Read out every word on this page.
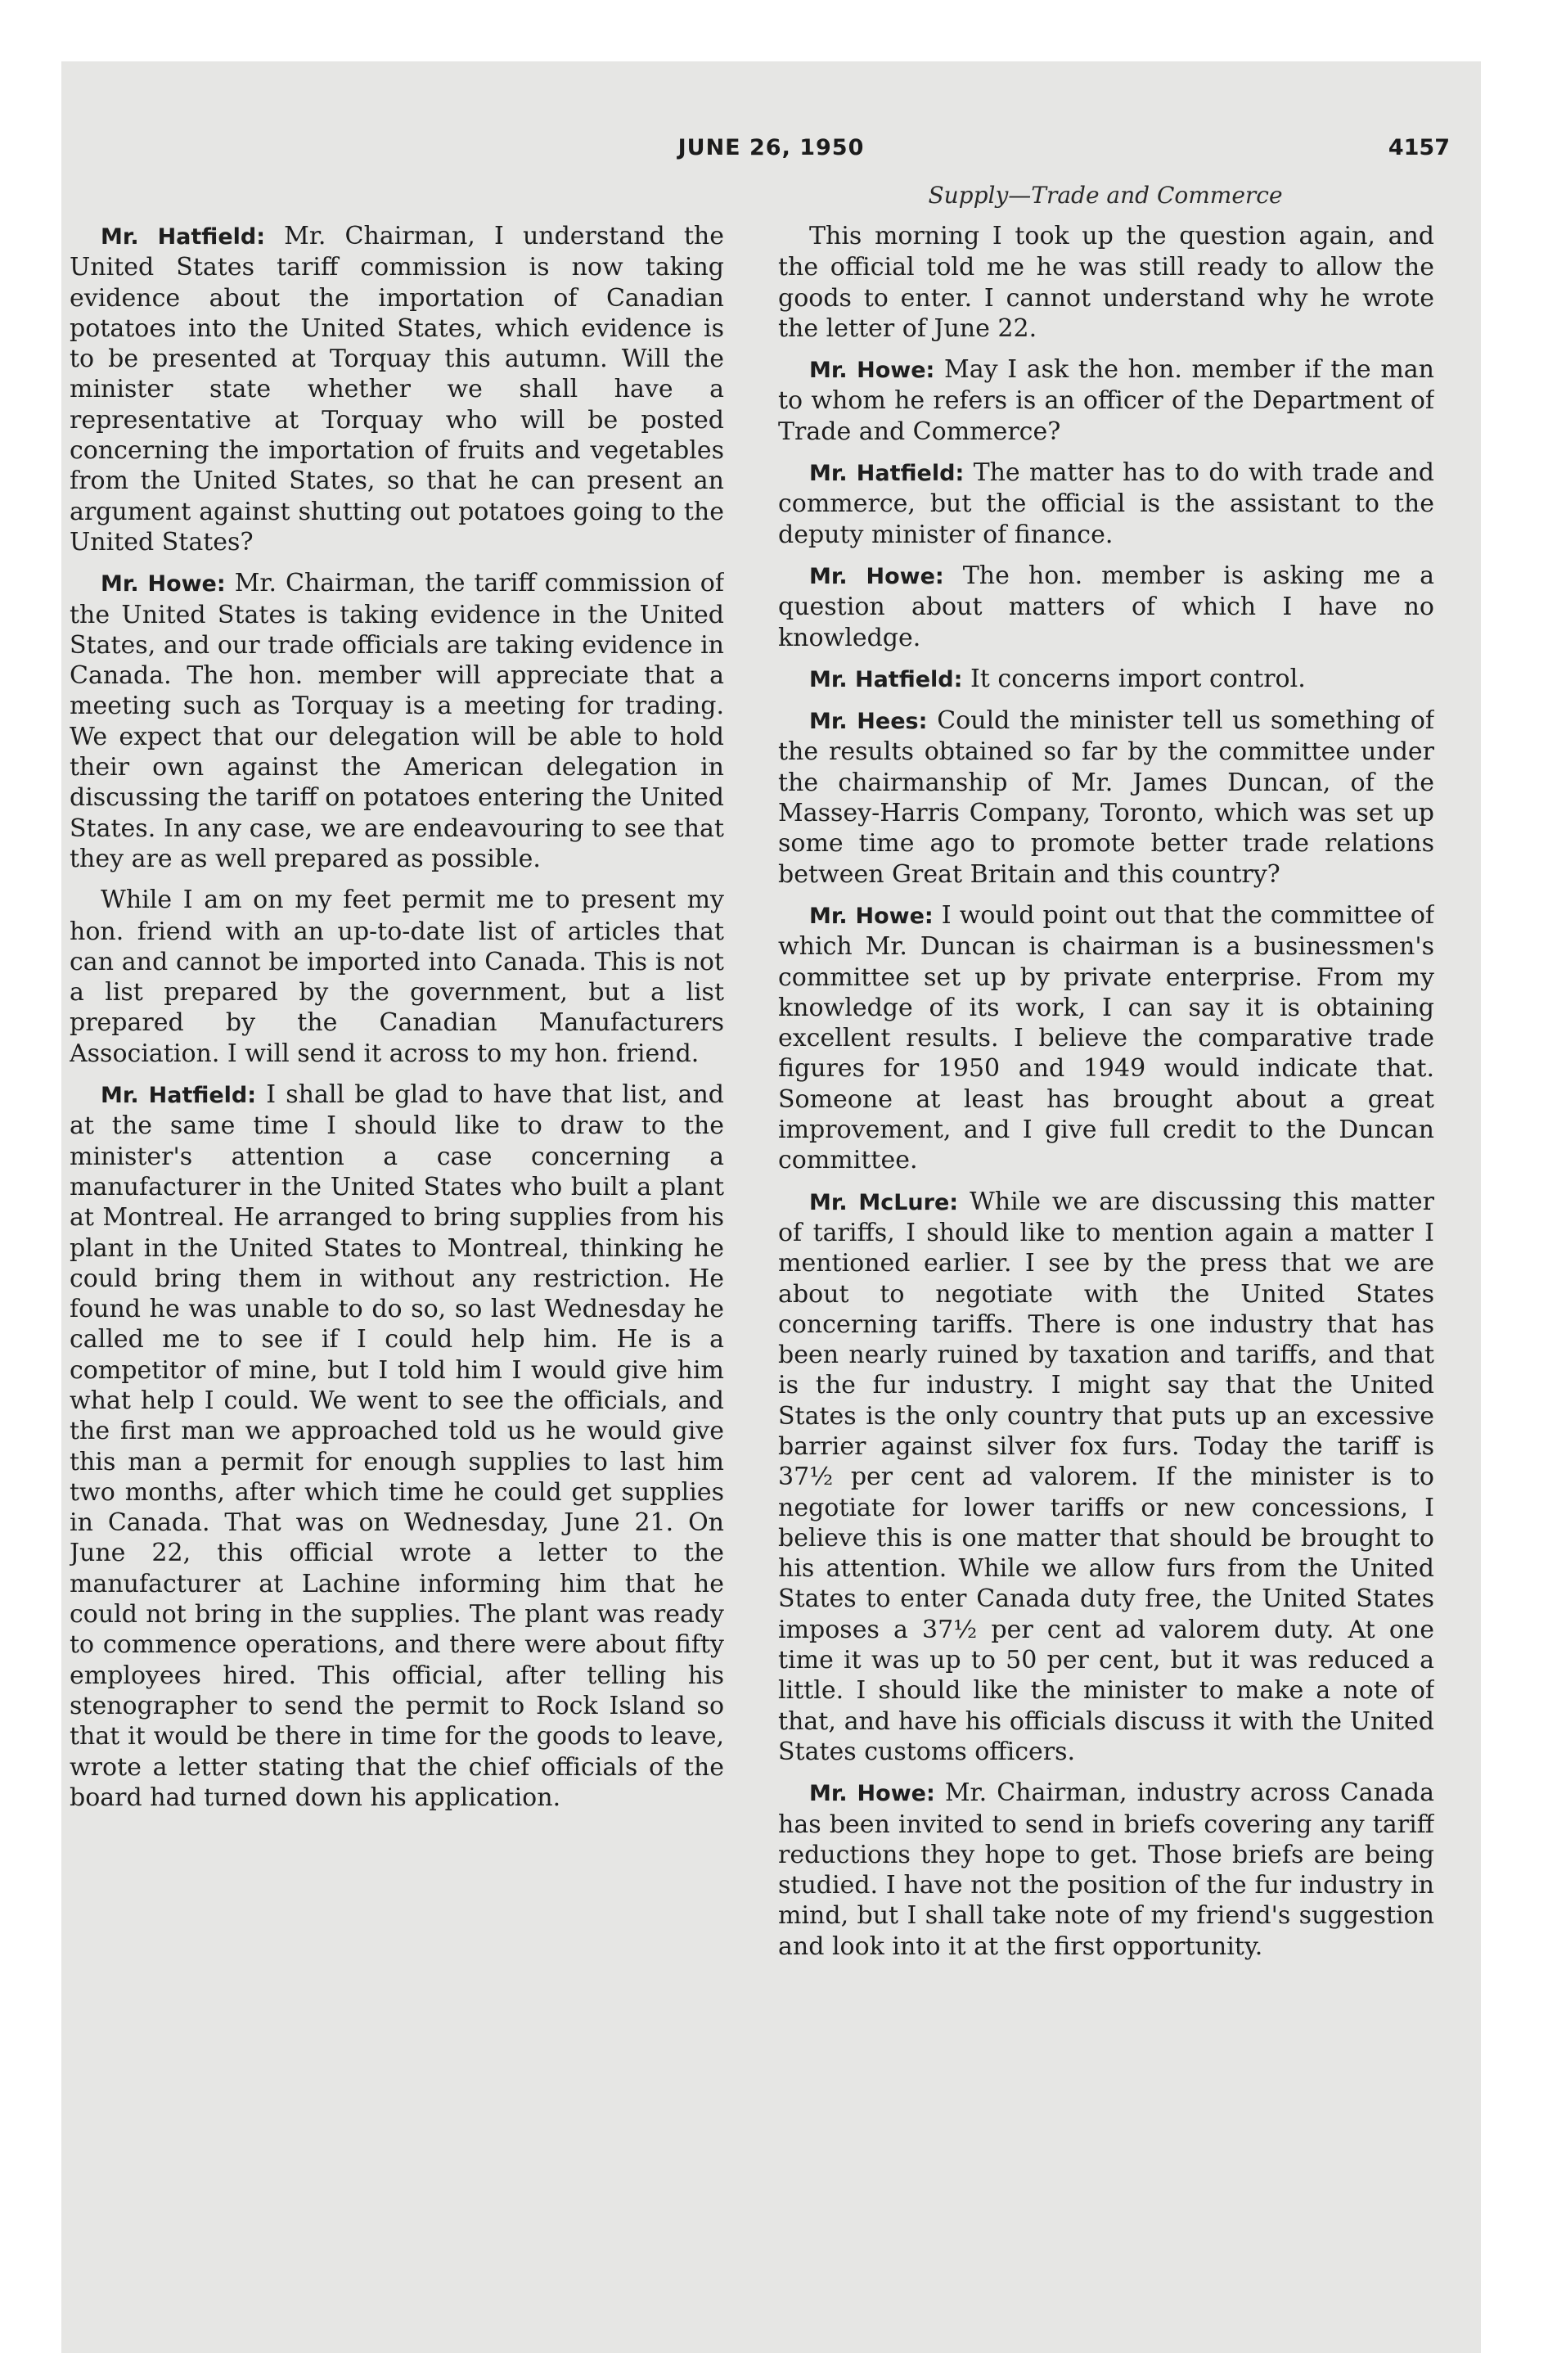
JUNE 26, 1950	4157
Supply—Trade and Commerce

Mr. Hatfield: Mr. Chairman, I understand the United States tariff commission is now taking evidence about the importation of Canadian potatoes into the United States, which evidence is to be presented at Torquay this autumn. Will the minister state whether we shall have a representative at Torquay who will be posted concerning the importation of fruits and vegetables from the United States, so that he can present an argument against shutting out potatoes going to the United States?

Mr. Howe: Mr. Chairman, the tariff commission of the United States is taking evidence in the United States, and our trade officials are taking evidence in Canada. The hon. member will appreciate that a meeting such as Torquay is a meeting for trading. We expect that our delegation will be able to hold their own against the American delegation in discussing the tariff on potatoes entering the United States. In any case, we are endeavouring to see that they are as well prepared as possible.

While I am on my feet permit me to present my hon. friend with an up-to-date list of articles that can and cannot be imported into Canada. This is not a list prepared by the government, but a list prepared by the Canadian Manufacturers Association. I will send it across to my hon. friend.

Mr. Hatfield: I shall be glad to have that list, and at the same time I should like to draw to the minister's attention a case concerning a manufacturer in the United States who built a plant at Montreal. He arranged to bring supplies from his plant in the United States to Montreal, thinking he could bring them in without any restriction. He found he was unable to do so, so last Wednesday he called me to see if I could help him. He is a competitor of mine, but I told him I would give him what help I could. We went to see the officials, and the first man we approached told us he would give this man a permit for enough supplies to last him two months, after which time he could get supplies in Canada. That was on Wednesday, June 21. On June 22, this official wrote a letter to the manufacturer at Lachine informing him that he could not bring in the supplies. The plant was ready to commence operations, and there were about fifty employees hired. This official, after telling his stenographer to send the permit to Rock Island so that it would be there in time for the goods to leave, wrote a letter stating that the chief officials of the board had turned down his application.

This morning I took up the question again, and the official told me he was still ready to allow the goods to enter. I cannot understand why he wrote the letter of June 22.

Mr. Howe: May I ask the hon. member if the man to whom he refers is an officer of the Department of Trade and Commerce?

Mr. Hatfield: The matter has to do with trade and commerce, but the official is the assistant to the deputy minister of finance.

Mr. Howe: The hon. member is asking me a question about matters of which I have no knowledge.

Mr. Hatfield: It concerns import control.

Mr. Hees: Could the minister tell us something of the results obtained so far by the committee under the chairmanship of Mr. James Duncan, of the Massey-Harris Company, Toronto, which was set up some time ago to promote better trade relations between Great Britain and this country?

Mr. Howe: I would point out that the committee of which Mr. Duncan is chairman is a businessmen's committee set up by private enterprise. From my knowledge of its work, I can say it is obtaining excellent results. I believe the comparative trade figures for 1950 and 1949 would indicate that. Someone at least has brought about a great improvement, and I give full credit to the Duncan committee.

Mr. McLure: While we are discussing this matter of tariffs, I should like to mention again a matter I mentioned earlier. I see by the press that we are about to negotiate with the United States concerning tariffs. There is one industry that has been nearly ruined by taxation and tariffs, and that is the fur industry. I might say that the United States is the only country that puts up an excessive barrier against silver fox furs. Today the tariff is 37½ per cent ad valorem. If the minister is to negotiate for lower tariffs or new concessions, I believe this is one matter that should be brought to his attention. While we allow furs from the United States to enter Canada duty free, the United States imposes a 37½ per cent ad valorem duty. At one time it was up to 50 per cent, but it was reduced a little. I should like the minister to make a note of that, and have his officials discuss it with the United States customs officers.

Mr. Howe: Mr. Chairman, industry across Canada has been invited to send in briefs covering any tariff reductions they hope to get. Those briefs are being studied. I have not the position of the fur industry in mind, but I shall take note of my friend's suggestion and look into it at the first opportunity.
